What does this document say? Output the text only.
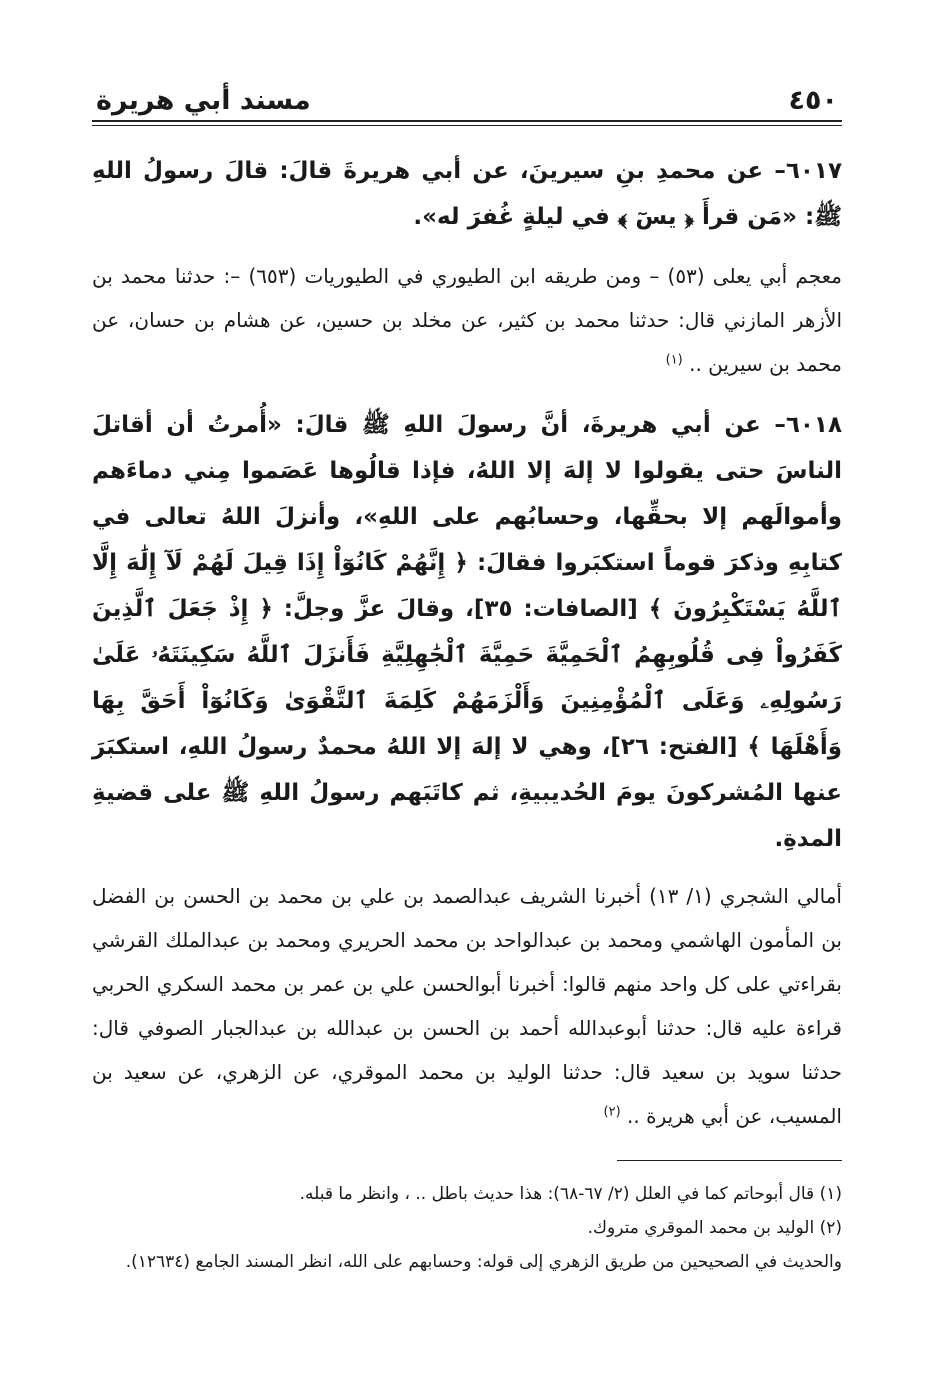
٤٥٠
مسند أبي هريرة

٦٠١٧– عن محمدِ بنِ سيرينَ، عن أبي هريرةَ قالَ: قالَ رسولُ اللهِ ﷺ: «مَن قرأَ ﴿ يسٓ ﴾ في ليلةٍ غُفرَ له».

معجم أبي يعلى (٥٣) – ومن طريقه ابن الطيوري في الطيوريات (٦٥٣) –: حدثنا محمد بن الأزهر المازني قال: حدثنا محمد بن كثير، عن مخلد بن حسين، عن هشام بن حسان، عن محمد بن سيرين .. $^{(١)}$

٦٠١٨– عن أبي هريرةَ، أنَّ رسولَ اللهِ ﷺ قالَ: «أُمرتُ أن أقاتلَ الناسَ حتى يقولوا لا إلهَ إلا اللهُ، فإذا قالُوها عَصَموا مِني دماءَهم وأموالَهم إلا بحقِّها، وحسابُهم على اللهِ»، وأنزلَ اللهُ تعالى في كتابِهِ وذكرَ قوماً استكبَروا فقالَ: ﴿ إِنَّهُمْ كَانُوٓاْ إِذَا قِيلَ لَهُمْ لَآ إِلَٰهَ إِلَّا ٱللَّهُ يَسْتَكْبِرُونَ ﴾ [الصافات: ٣٥]، وقالَ عزَّ وجلَّ: ﴿ إِذْ جَعَلَ ٱلَّذِينَ كَفَرُواْ فِى قُلُوبِهِمُ ٱلْحَمِيَّةَ حَمِيَّةَ ٱلْجَٰهِلِيَّةِ فَأَنزَلَ ٱللَّهُ سَكِينَتَهُۥ عَلَىٰ رَسُولِهِۦ وَعَلَى ٱلْمُؤْمِنِينَ وَأَلْزَمَهُمْ كَلِمَةَ ٱلتَّقْوَىٰ وَكَانُوٓاْ أَحَقَّ بِهَا وَأَهْلَهَا ﴾ [الفتح: ٢٦]، وهي لا إلهَ إلا اللهُ محمدٌ رسولُ اللهِ، استكبَرَ عنها المُشركونَ يومَ الحُديبيةِ، ثم كاتَبَهم رسولُ اللهِ ﷺ على قضيةِ المدةِ.

أمالي الشجري (١/ ١٣) أخبرنا الشريف عبدالصمد بن علي بن محمد بن الحسن بن الفضل بن المأمون الهاشمي ومحمد بن عبدالواحد بن محمد الحريري ومحمد بن عبدالملك القرشي بقراءتي على كل واحد منهم قالوا: أخبرنا أبوالحسن علي بن عمر بن محمد السكري الحربي قراءة عليه قال: حدثنا أبوعبدالله أحمد بن الحسن بن عبدالله بن عبدالجبار الصوفي قال: حدثنا سويد بن سعيد قال: حدثنا الوليد بن محمد الموقري، عن الزهري، عن سعيد بن المسيب، عن أبي هريرة .. $^{(٢)}$

(١) قال أبوحاتم كما في العلل (٢/ ٦٧-٦٨): هذا حديث باطل .. ، وانظر ما قبله.

(٢) الوليد بن محمد الموقري متروك.

والحديث في الصحيحين من طريق الزهري إلى قوله: وحسابهم على الله، انظر المسند الجامع (١٢٦٣٤).
